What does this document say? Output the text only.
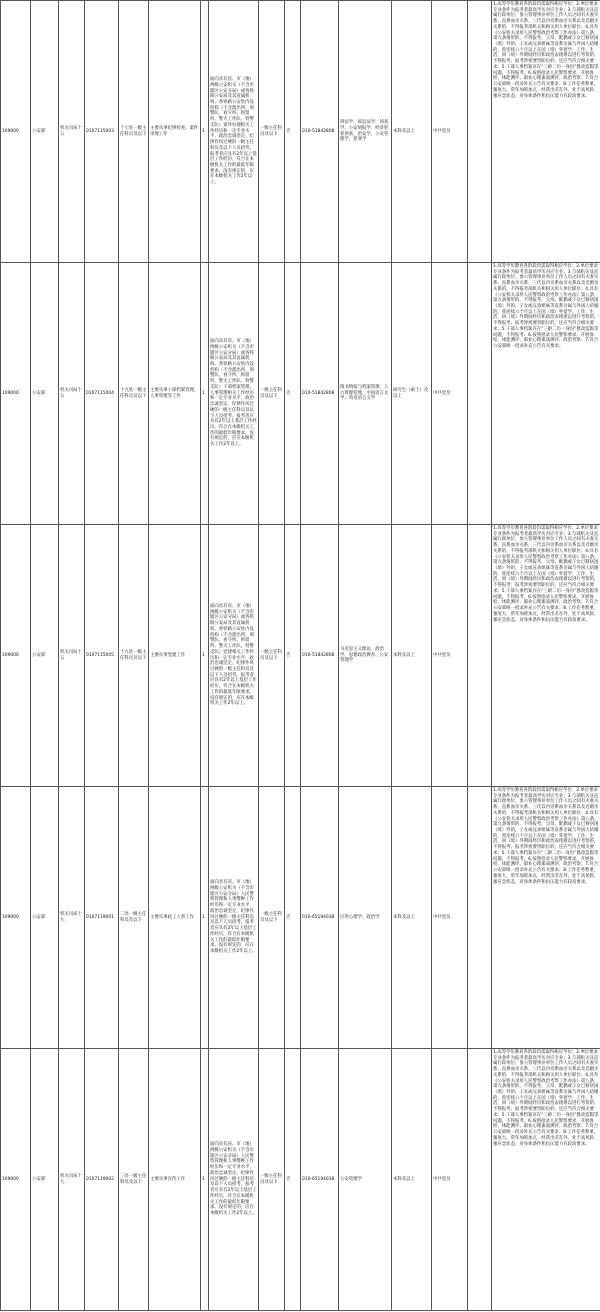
109000	公安部	机关司局十五	0107115003	十七处一级主任科员及以下	主要从事纪律检查、案件审理工作	1	面向具有省、市（地）两级公安机关（不含市辖区公安分局）或各铁路公安局及其直属机构、各铁路公安处内设机构（不含派出所、刑警队、看守所、拘留所、警犬工作队、特警支队）案件办理相关工作经历和一定专业水平，政治忠诚坚定、纪律作风过硬的一级主任科员及以下人员招考。报考者应具有2年以上基层工作经历，符合在本级机关工作的最低年限要求。没有规定的，应在本级机关工作2年以上。	一级主任科员及以下	否	010-51842808	刑法学、诉讼法学、侦查学、公安情报学、经济犯罪侦查、治安学、公安管理学、犯罪学	本科及以上	中共党员		1.高等学历教育各阶段均需取得相应学位；2.单位要求专业条件为报考者最高学历对应专业；3.与部机关及直属行政单位、参公管理事业单位工作人员之间有夫妻关系、直系血亲关系、三代以内旁系血亲关系以及近姻亲关系的，不得报考部机关和相关用人单位职位；4.具有《公安机关录用人民警察政治考察工作办法》第八条、第九条情形的，不得报考，父母、配偶或子女已移居国（境）外的，子女或兄弟姐妹等直系亲属与外国人结婚的，曾连续六个月以上在国（境）外留学、工作、生活，回（境）外期间经历和政治表现难以进行考察的，不得报考；报考涉密要害职位的，还应当符合相关要求；5.干部人事档案存在“三龄二历一身份”篡改造假等问题，不得报考；6.按照招录人民警察要求，开展体检、体能测评、职业心理素质测评、政治考察；7.符合公安部统一招录补充公告有关要求；8.工作任务繁重，强度大，常年加班加点，经常出差在外，处于高风险、强应急状态，对身体条件和抗压能力有较高要求。
109000	公安部	机关司局十五	0107115004	十九处一级主任科员及以下	主要从事干部档案管理、人事管理等工作	1	面向具有省、市（地）两级公安机关（不含市辖区公安分局）或各铁路公安局及其直属机构、各铁路公安处内设机构（不含派出所、刑警队、看守所、拘留所、警犬工作队、特警支队）干部档案管理、人事管理相关工作经历和一定专业水平，政治忠诚坚定、纪律作风过硬的一级主任科员及以下人员招考。报考者应具有2年以上基层工作经历，符合在本级机关工作的最低年限要求。没有规定的，应在本级机关工作2年以上。	一级主任科员及以下	否	010-51842808	图书情报与档案管理、人力资源管理、中国语言文学、英语语言文学	研究生（硕士）及以上	中共党员		1.高等学历教育各阶段均需取得相应学位；2.单位要求专业条件为报考者最高学历对应专业；3.与部机关及直属行政单位、参公管理事业单位工作人员之间有夫妻关系、直系血亲关系、三代以内旁系血亲关系以及近姻亲关系的，不得报考部机关和相关用人单位职位；4.具有《公安机关录用人民警察政治考察工作办法》第八条、第九条情形的，不得报考，父母、配偶或子女已移居国（境）外的，子女或兄弟姐妹等直系亲属与外国人结婚的，曾连续六个月以上在国（境）外留学、工作、生活，回（境）外期间经历和政治表现难以进行考察的，不得报考；报考涉密要害职位的，还应当符合相关要求；5.干部人事档案存在“三龄二历一身份”篡改造假等问题，不得报考；6.按照招录人民警察要求，开展体检、体能测评、职业心理素质测评、政治考察；7.符合公安部统一招录补充公告有关要求。
109000	公安部	机关司局十五	0107115005	十九处一级主任科员及以下	主要从事党建工作	1	面向具有省、市（地）两级公安机关（不含市辖区公安分局）或各铁路公安局及其直属机构、各铁路公安处内设机构（不含派出所、刑警队、看守所、拘留所、警犬工作队、特警支队）党建相关工作经历和一定专业水平，政治忠诚坚定、纪律作风过硬的一级主任科员及以下人员招考。报考者应具有2年以上基层工作经历，符合在本级机关工作的最低年限要求。没有规定的，应在本级机关工作2年以上。	一级主任科员及以下	否	010-51842808	马克思主义理论、政治学、思想政治教育、公安管理学	本科及以上	中共党员		1.高等学历教育各阶段均需取得相应学位；2.单位要求专业条件为报考者最高学历对应专业；3.与部机关及直属行政单位、参公管理事业单位工作人员之间有夫妻关系、直系血亲关系、三代以内旁系血亲关系以及近姻亲关系的，不得报考部机关和相关用人单位职位；4.具有《公安机关录用人民警察政治考察工作办法》第八条、第九条情形的，不得报考，父母、配偶或子女已移居国（境）外的，子女或兄弟姐妹等直系亲属与外国人结婚的，曾连续六个月以上在国（境）外留学、工作、生活，回（境）外期间经历和政治表现难以进行考察的，不得报考；报考涉密要害职位的，还应当符合相关要求；5.干部人事档案存在“三龄二历一身份”篡改造假等问题，不得报考；6.按照招录人民警察要求，开展体检、体能测评、职业心理素质测评、政治考察；7.符合公安部统一招录补充公告有关要求；8.工作任务繁重，强度大，常年加班加点，经常出差在外，处于高风险、强应急状态，对身体条件和抗压能力有较高要求。
109000	公安部	机关司局十九	0107119001	二处一级主任科员及以下	主要从事政工人事工作	1	面向具有省、市（地）两级公安机关（不含市辖区公安分局）人民警察管理和人事警种工作经历和一定专业水平，政治忠诚坚定、纪律作风过硬的一级主任科员及以下人员招考。报考者应具有2年以上基层工作经历，符合在本级机关工作的最低年限要求。没有规定的，应在本级机关工作2年以上。	一级主任科员及以下	否	010-65194038	应用心理学、政治学	本科及以上	中共党员		1.高等学历教育各阶段均需取得相应学位；2.单位要求专业条件为报考者最高学历对应专业；3.与部机关及直属行政单位、参公管理事业单位工作人员之间有夫妻关系、直系血亲关系、三代以内旁系血亲关系以及近姻亲关系的，不得报考部机关和相关用人单位职位；4.具有《公安机关录用人民警察政治考察工作办法》第八条、第九条情形的，不得报考，父母、配偶或子女已移居国（境）外的，子女或兄弟姐妹等直系亲属与外国人结婚的，曾连续六个月以上在国（境）外留学、工作、生活，回（境）外期间经历和政治表现难以进行考察的，不得报考；报考涉密要害职位的，还应当符合相关要求；5.干部人事档案存在“三龄二历一身份”篡改造假等问题，不得报考；6.按照招录人民警察要求，开展体检、体能测评、职业心理素质测评、政治考察；7.符合公安部统一招录补充公告有关要求；8.工作任务繁重，强度大，常年加班加点，经常出差在外，处于高风险、强应急状态，对身体条件和抗压能力有较高要求。
109000	公安部	机关司局十九	0107119002	三处一级主任科员及以下	主要从事宣传工作	1	面向具有省、市（地）两级公安机关（不含市辖区公安分局）人民警察管理和人事警种工作经历和一定专业水平，政治忠诚坚定、纪律作风过硬的一级主任科员及以下人员招考。报考者应具有2年以上基层工作经历，符合在本级机关工作的最低年限要求。没有规定的，应在本级机关工作2年以上。	一级主任科员及以下	否	010-65194038	公安管理学	本科及以上	中共党员		1.高等学历教育各阶段均需取得相应学位；2.单位要求专业条件为报考者最高学历对应专业；3.与部机关及直属行政单位、参公管理事业单位工作人员之间有夫妻关系、直系血亲关系、三代以内旁系血亲关系以及近姻亲关系的，不得报考部机关和相关用人单位职位；4.具有《公安机关录用人民警察政治考察工作办法》第八条、第九条情形的，不得报考，父母、配偶或子女已移居国（境）外的，子女或兄弟姐妹等直系亲属与外国人结婚的，曾连续六个月以上在国（境）外留学、工作、生活，回（境）外期间经历和政治表现难以进行考察的，不得报考；报考涉密要害职位的，还应当符合相关要求；5.干部人事档案存在“三龄二历一身份”篡改造假等问题，不得报考；6.按照招录人民警察要求，开展体检、体能测评、职业心理素质测评、政治考察；7.符合公安部统一招录补充公告有关要求；8.工作任务繁重，强度大，常年加班加点，经常出差在外，处于高风险、强应急状态，对身体条件和抗压能力有较高要求。
